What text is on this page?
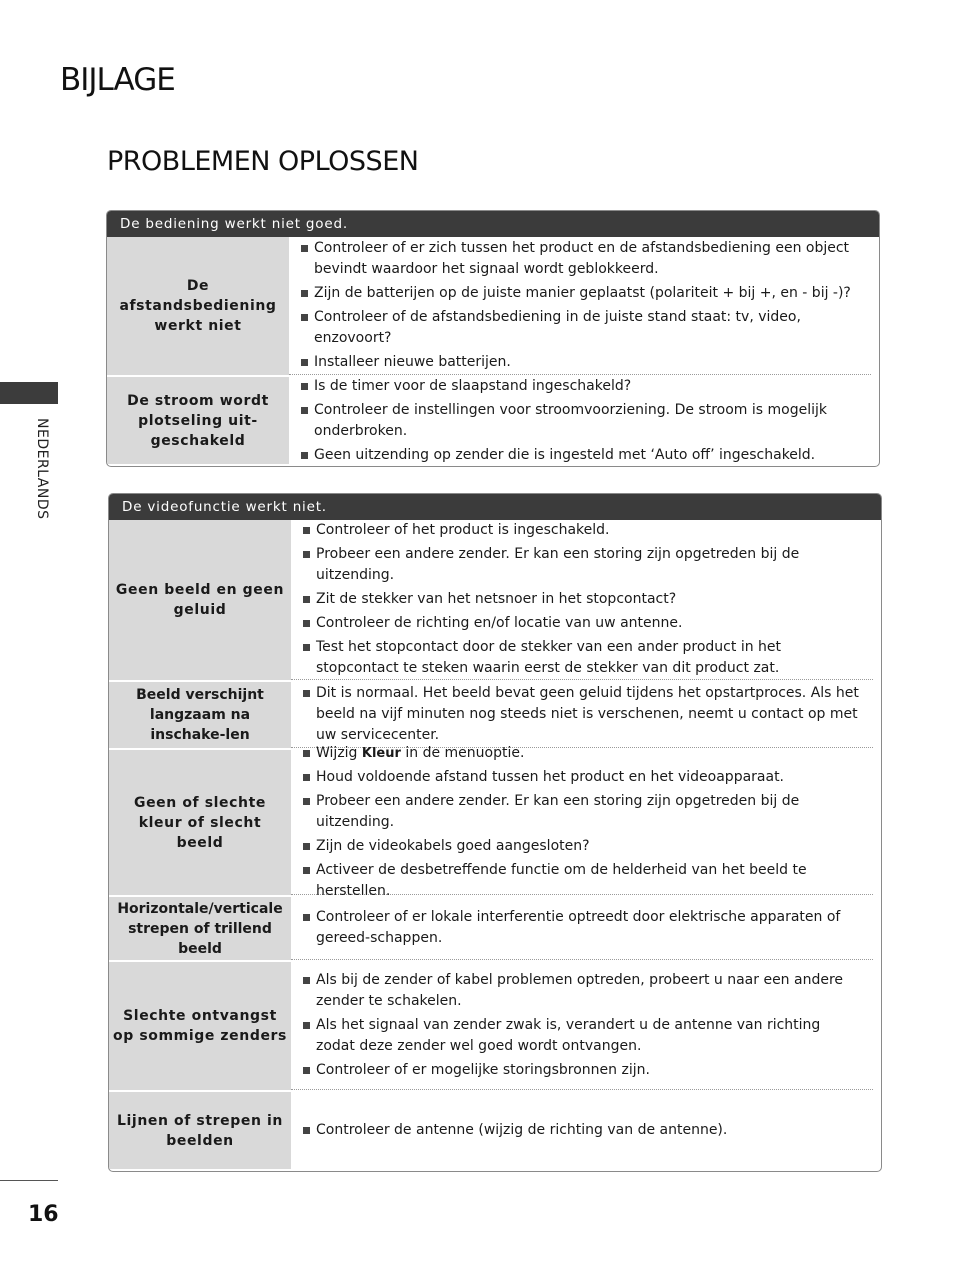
BIJLAGE
PROBLEMEN OPLOSSEN
NEDERLANDS
16
De bediening werkt niet goed.
De afstandsbediening werkt niet
Controleer of er zich tussen het product en de afstandsbediening een object bevindt waardoor het signaal wordt geblokkeerd.
Zijn de batterijen op de juiste manier geplaatst (polariteit + bij +, en - bij -)?
Controleer of de afstandsbediening in de juiste stand staat: tv, video, enzovoort?
Installeer nieuwe batterijen.
De stroom wordt plotseling uit-geschakeld
Is de timer voor de slaapstand ingeschakeld?
Controleer de instellingen voor stroomvoorziening. De stroom is mogelijk onderbroken.
Geen uitzending op zender die is ingesteld met ‘Auto off’ ingeschakeld.
De videofunctie werkt niet.
Geen beeld en geen geluid
Controleer of het product is ingeschakeld.
Probeer een andere zender. Er kan een storing zijn opgetreden bij de uitzending.
Zit de stekker van het netsnoer in het stopcontact?
Controleer de richting en/of locatie van uw antenne.
Test het stopcontact door de stekker van een ander product in het stopcontact te steken waarin eerst de stekker van dit product zat.
Beeld verschijnt langzaam na inschake-len
Dit is normaal. Het beeld bevat geen geluid tijdens het opstartproces. Als het beeld na vijf minuten nog steeds niet is verschenen, neemt u contact op met uw servicecenter.
Geen of slechte kleur of slecht beeld
Wijzig Kleur in de menuoptie.
Houd voldoende afstand tussen het product en het videoapparaat.
Probeer een andere zender. Er kan een storing zijn opgetreden bij de uitzending.
Zijn de videokabels goed aangesloten?
Activeer de desbetreffende functie om de helderheid van het beeld te herstellen.
Horizontale/verticale strepen of trillend beeld
Controleer of er lokale interferentie optreedt door elektrische apparaten of gereed-schappen.
Slechte ontvangst op sommige zenders
Als bij de zender of kabel problemen optreden, probeert u naar een andere zender te schakelen.
Als het signaal van zender zwak is, verandert u de antenne van richting zodat deze zender wel goed wordt ontvangen.
Controleer of er mogelijke storingsbronnen zijn.
Lijnen of strepen in beelden
Controleer de antenne (wijzig de richting van de antenne).
